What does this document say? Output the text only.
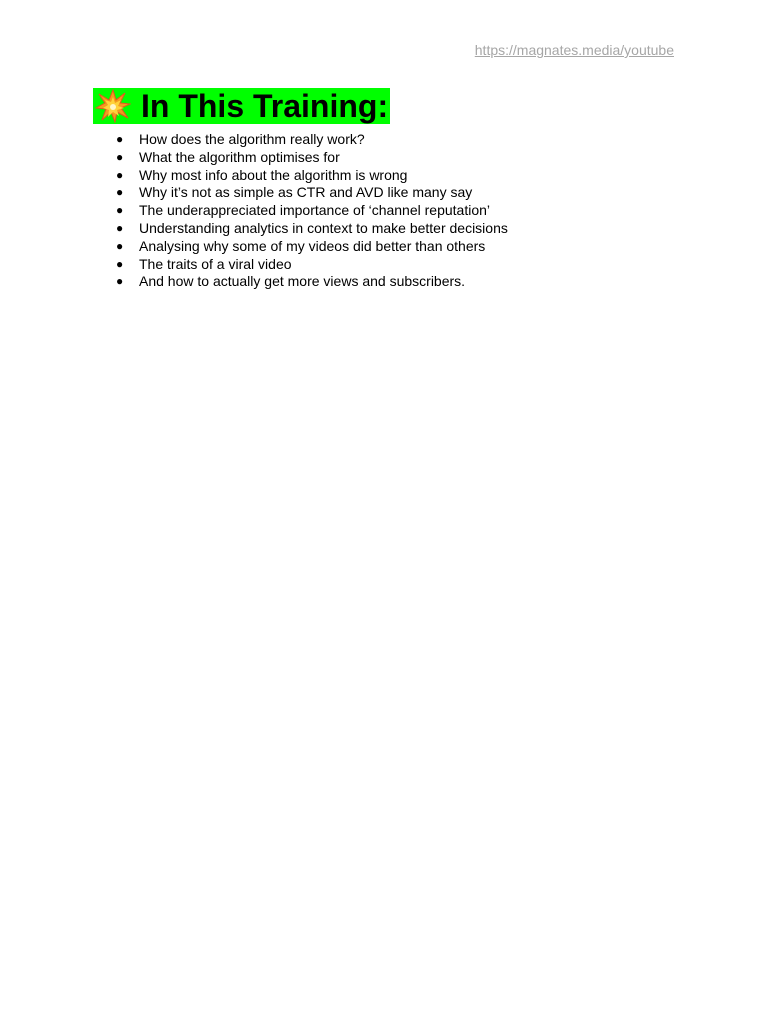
https://magnates.media/youtube
In This Training:
● How does the algorithm really work?
● What the algorithm optimises for
● Why most info about the algorithm is wrong
● Why it’s not as simple as CTR and AVD like many say
● The underappreciated importance of ‘channel reputation’
● Understanding analytics in context to make better decisions
● Analysing why some of my videos did better than others
● The traits of a viral video
● And how to actually get more views and subscribers.
